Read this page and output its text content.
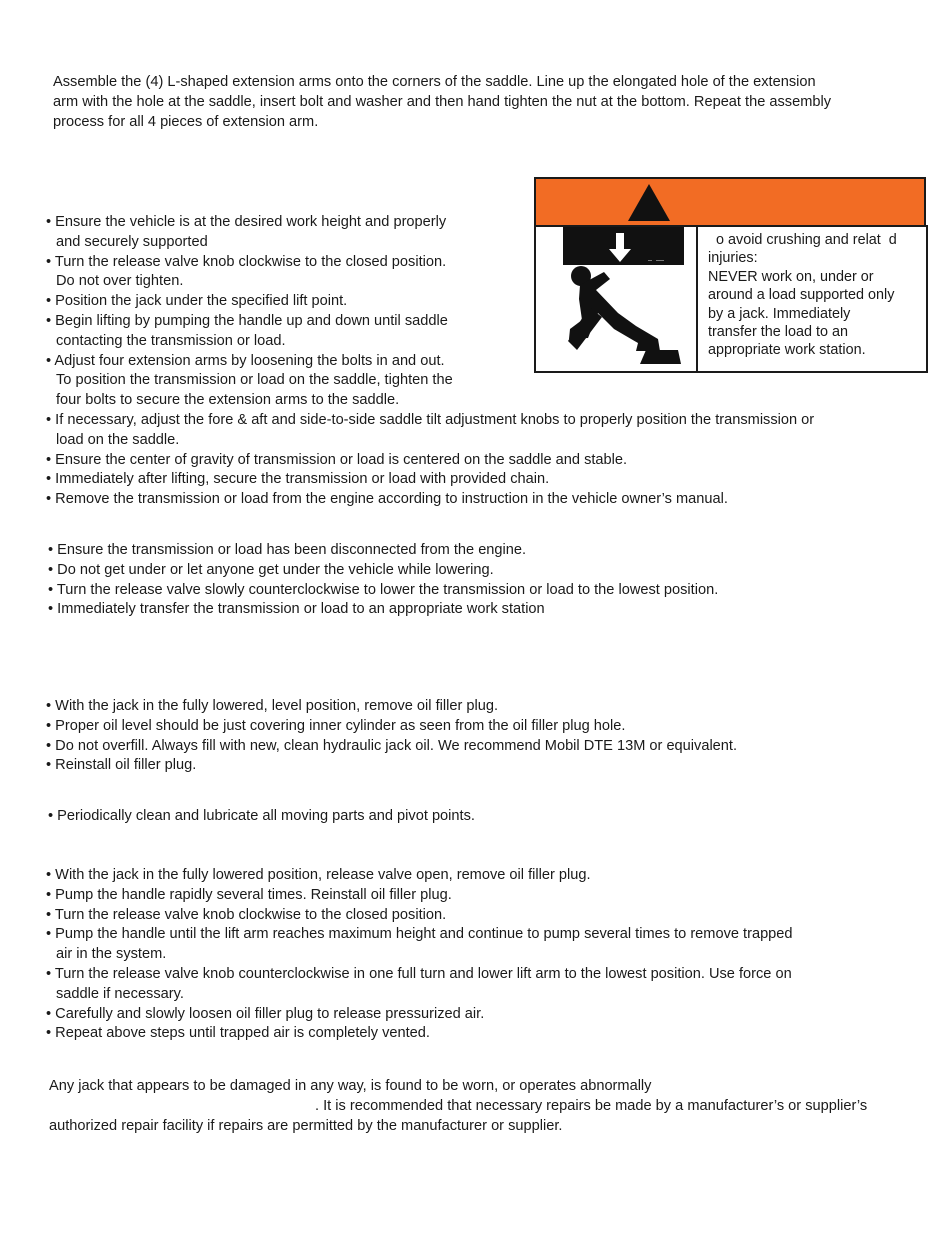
Assemble the (4) L-shaped extension arms onto the corners of the saddle. Line up the elongated hole of the extension
arm with the hole at the saddle, insert bolt and washer and then hand tighten the nut at the bottom. Repeat the assembly
process for all 4 pieces of extension arm.
o avoid crushing and relat  d
injuries:
NEVER work on, under or
around a load supported only
by a jack. Immediately
transfer the load to an
appropriate work station.
• Ensure the vehicle is at the desired work height and properly
and securely supported
• Turn the release valve knob clockwise to the closed position.
Do not over tighten.
• Position the jack under the specified lift point.
• Begin lifting by pumping the handle up and down until saddle
contacting the transmission or load.
• Adjust four extension arms by loosening the bolts in and out.
To position the transmission or load on the saddle, tighten the
four bolts to secure the extension arms to the saddle.
• If necessary, adjust the fore & aft and side-to-side saddle tilt adjustment knobs to properly position the transmission or
load on the saddle.
• Ensure the center of gravity of transmission or load is centered on the saddle and stable.
• Immediately after lifting, secure the transmission or load with provided chain.
• Remove the transmission or load from the engine according to instruction in the vehicle owner’s manual.
• Ensure the transmission or load has been disconnected from the engine.
• Do not get under or let anyone get under the vehicle while lowering.
• Turn the release valve slowly counterclockwise to lower the transmission or load to the lowest position.
• Immediately transfer the transmission or load to an appropriate work station
• With the jack in the fully lowered, level position, remove oil filler plug.
• Proper oil level should be just covering inner cylinder as seen from the oil filler plug hole.
• Do not overfill. Always fill with new, clean hydraulic jack oil. We recommend Mobil DTE 13M or equivalent.
• Reinstall oil filler plug.
• Periodically clean and lubricate all moving parts and pivot points.
• With the jack in the fully lowered position, release valve open, remove oil filler plug.
• Pump the handle rapidly several times. Reinstall oil filler plug.
• Turn the release valve knob clockwise to the closed position.
• Pump the handle until the lift arm reaches maximum height and continue to pump several times to remove trapped
air in the system.
• Turn the release valve knob counterclockwise in one full turn and lower lift arm to the lowest position. Use force on
saddle if necessary.
• Carefully and slowly loosen oil filler plug to release pressurized air.
• Repeat above steps until trapped air is completely vented.
Any jack that appears to be damaged in any way, is found to be worn, or operates abnormally
. It is recommended that necessary repairs be made by a manufacturer’s or supplier’s
authorized repair facility if repairs are permitted by the manufacturer or supplier.
